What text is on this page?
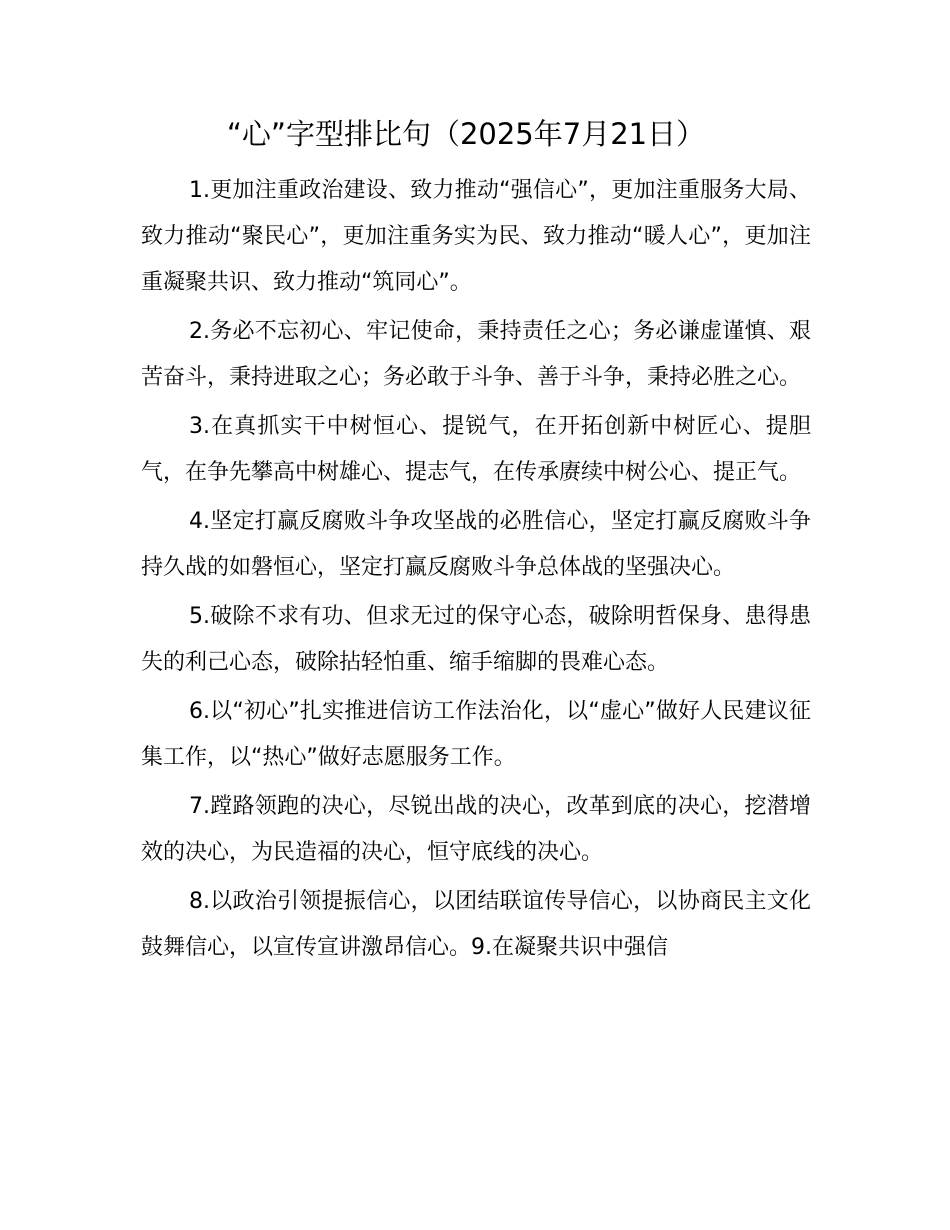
“心”字型排比句（2025年7月21日）

1.更加注重政治建设、致力推动“强信心”，更加注重服务大局、致力推动“聚民心”，更加注重务实为民、致力推动“暖人心”，更加注重凝聚共识、致力推动“筑同心”。

2.务必不忘初心、牢记使命，秉持责任之心；务必谦虚谨慎、艰苦奋斗，秉持进取之心；务必敢于斗争、善于斗争，秉持必胜之心。

3.在真抓实干中树恒心、提锐气，在开拓创新中树匠心、提胆气，在争先攀高中树雄心、提志气，在传承赓续中树公心、提正气。

4.坚定打赢反腐败斗争攻坚战的必胜信心，坚定打赢反腐败斗争持久战的如磐恒心，坚定打赢反腐败斗争总体战的坚强决心。

5.破除不求有功、但求无过的保守心态，破除明哲保身、患得患失的利己心态，破除拈轻怕重、缩手缩脚的畏难心态。

6.以“初心”扎实推进信访工作法治化，以“虚心”做好人民建议征集工作，以“热心”做好志愿服务工作。

7.蹚路领跑的决心，尽锐出战的决心，改革到底的决心，挖潜增效的决心，为民造福的决心，恒守底线的决心。

8.以政治引领提振信心，以团结联谊传导信心，以协商民主文化鼓舞信心，以宣传宣讲激昂信心。9.在凝聚共识中强信
